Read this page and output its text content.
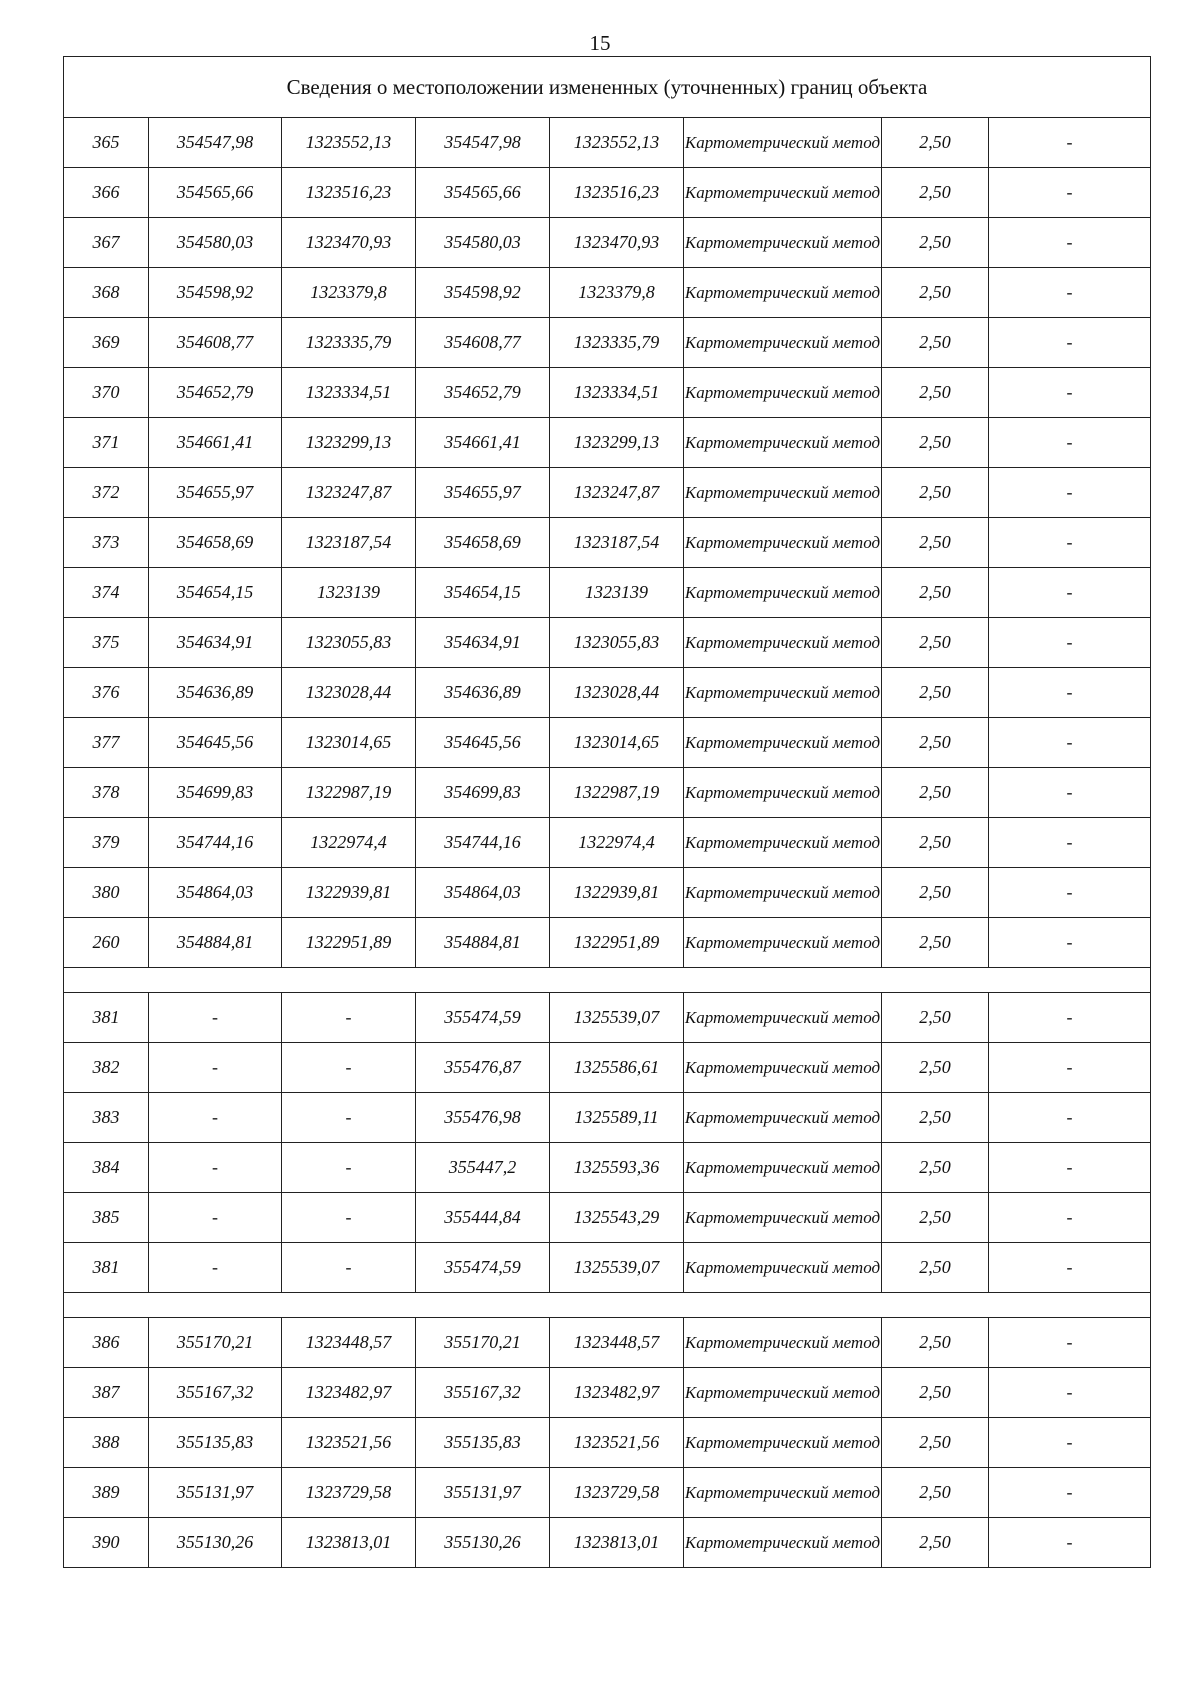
15
Сведения о местоположении измененных (уточненных) границ объекта							
365	354547,98	1323552,13	354547,98	1323552,13	Картометрический метод	2,50	-
366	354565,66	1323516,23	354565,66	1323516,23	Картометрический метод	2,50	-
367	354580,03	1323470,93	354580,03	1323470,93	Картометрический метод	2,50	-
368	354598,92	1323379,8	354598,92	1323379,8	Картометрический метод	2,50	-
369	354608,77	1323335,79	354608,77	1323335,79	Картометрический метод	2,50	-
370	354652,79	1323334,51	354652,79	1323334,51	Картометрический метод	2,50	-
371	354661,41	1323299,13	354661,41	1323299,13	Картометрический метод	2,50	-
372	354655,97	1323247,87	354655,97	1323247,87	Картометрический метод	2,50	-
373	354658,69	1323187,54	354658,69	1323187,54	Картометрический метод	2,50	-
374	354654,15	1323139	354654,15	1323139	Картометрический метод	2,50	-
375	354634,91	1323055,83	354634,91	1323055,83	Картометрический метод	2,50	-
376	354636,89	1323028,44	354636,89	1323028,44	Картометрический метод	2,50	-
377	354645,56	1323014,65	354645,56	1323014,65	Картометрический метод	2,50	-
378	354699,83	1322987,19	354699,83	1322987,19	Картометрический метод	2,50	-
379	354744,16	1322974,4	354744,16	1322974,4	Картометрический метод	2,50	-
380	354864,03	1322939,81	354864,03	1322939,81	Картометрический метод	2,50	-
260	354884,81	1322951,89	354884,81	1322951,89	Картометрический метод	2,50	-

381	-	-	355474,59	1325539,07	Картометрический метод	2,50	-
382	-	-	355476,87	1325586,61	Картометрический метод	2,50	-
383	-	-	355476,98	1325589,11	Картометрический метод	2,50	-
384	-	-	355447,2	1325593,36	Картометрический метод	2,50	-
385	-	-	355444,84	1325543,29	Картометрический метод	2,50	-
381	-	-	355474,59	1325539,07	Картометрический метод	2,50	-

386	355170,21	1323448,57	355170,21	1323448,57	Картометрический метод	2,50	-
387	355167,32	1323482,97	355167,32	1323482,97	Картометрический метод	2,50	-
388	355135,83	1323521,56	355135,83	1323521,56	Картометрический метод	2,50	-
389	355131,97	1323729,58	355131,97	1323729,58	Картометрический метод	2,50	-
390	355130,26	1323813,01	355130,26	1323813,01	Картометрический метод	2,50	-
